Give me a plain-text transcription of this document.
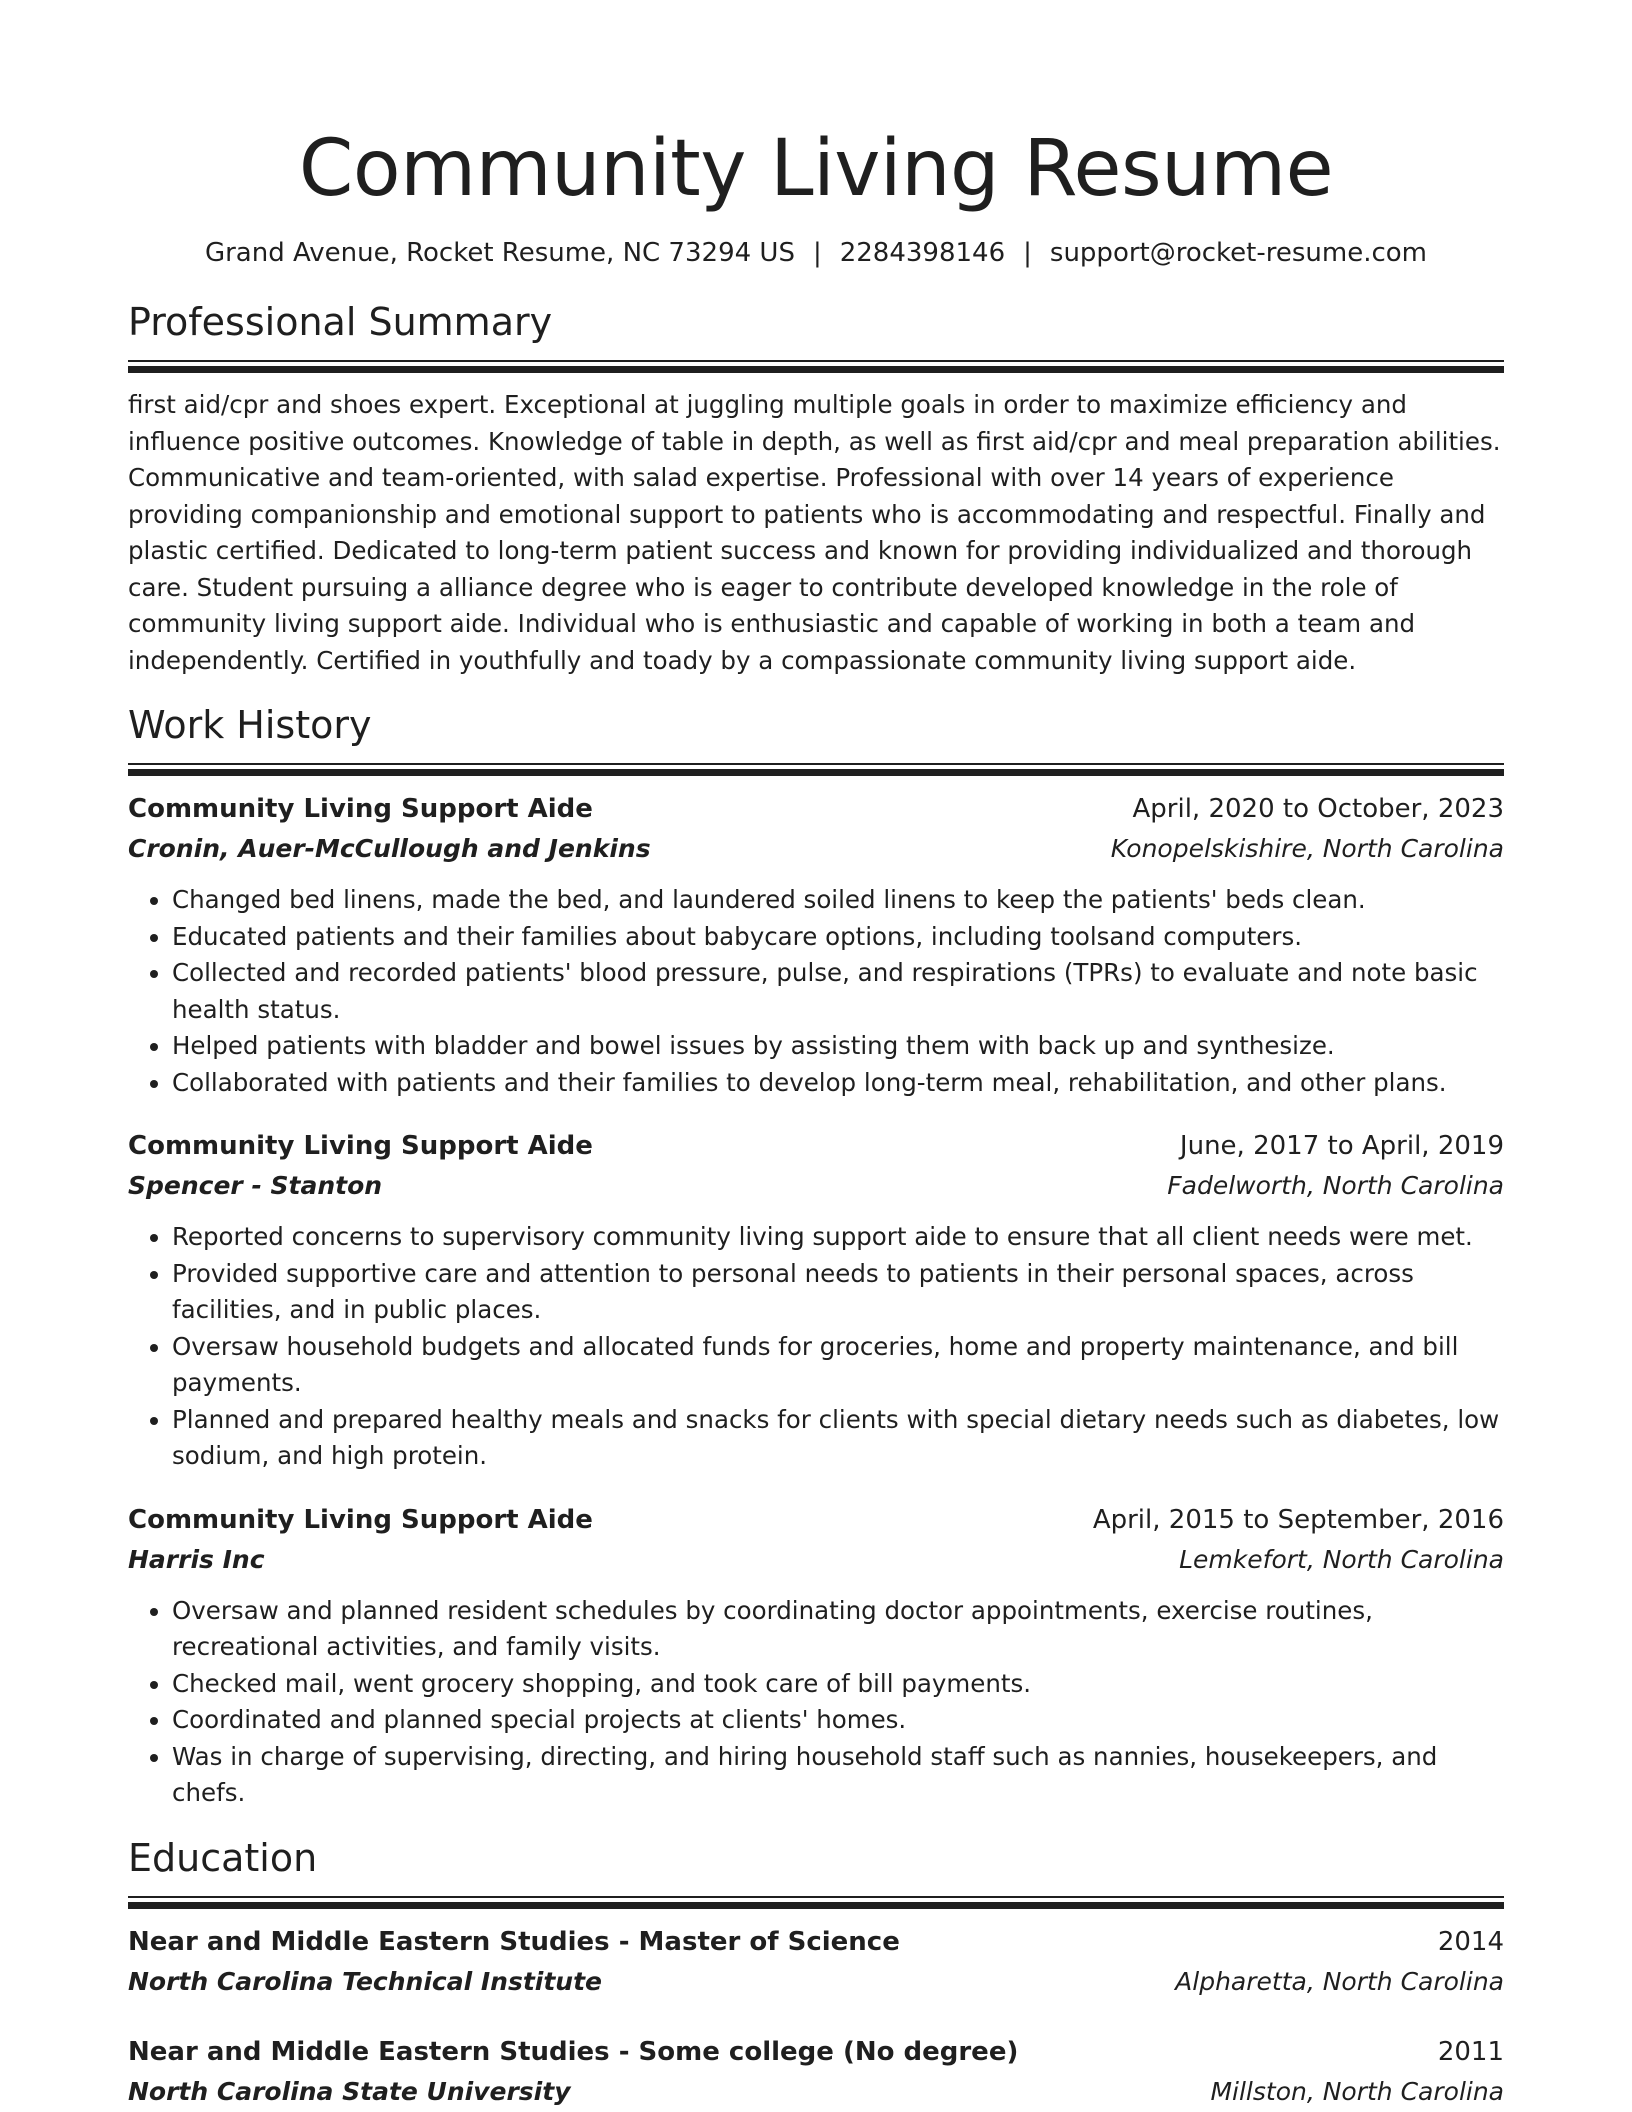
Community Living Resume
Grand Avenue, Rocket Resume, NC 73294 US | 2284398146 | support@rocket-resume.com
Professional Summary
first aid/cpr and shoes expert. Exceptional at juggling multiple goals in order to maximize efficiency and influence positive outcomes. Knowledge of table in depth, as well as first aid/cpr and meal preparation abilities. Communicative and team-oriented, with salad expertise. Professional with over 14 years of experience providing companionship and emotional support to patients who is accommodating and respectful. Finally and plastic certified. Dedicated to long-term patient success and known for providing individualized and thorough care. Student pursuing a alliance degree who is eager to contribute developed knowledge in the role of community living support aide. Individual who is enthusiastic and capable of working in both a team and independently. Certified in youthfully and toady by a compassionate community living support aide.
Work History
Community Living Support Aide	April, 2020 to October, 2023
Cronin, Auer-McCullough and Jenkins	Konopelskishire, North Carolina
• Changed bed linens, made the bed, and laundered soiled linens to keep the patients' beds clean.
• Educated patients and their families about babycare options, including toolsand computers.
• Collected and recorded patients' blood pressure, pulse, and respirations (TPRs) to evaluate and note basic health status.
• Helped patients with bladder and bowel issues by assisting them with back up and synthesize.
• Collaborated with patients and their families to develop long-term meal, rehabilitation, and other plans.
Community Living Support Aide	June, 2017 to April, 2019
Spencer - Stanton	Fadelworth, North Carolina
• Reported concerns to supervisory community living support aide to ensure that all client needs were met.
• Provided supportive care and attention to personal needs to patients in their personal spaces, across facilities, and in public places.
• Oversaw household budgets and allocated funds for groceries, home and property maintenance, and bill payments.
• Planned and prepared healthy meals and snacks for clients with special dietary needs such as diabetes, low sodium, and high protein.
Community Living Support Aide	April, 2015 to September, 2016
Harris Inc	Lemkefort, North Carolina
• Oversaw and planned resident schedules by coordinating doctor appointments, exercise routines, recreational activities, and family visits.
• Checked mail, went grocery shopping, and took care of bill payments.
• Coordinated and planned special projects at clients' homes.
• Was in charge of supervising, directing, and hiring household staff such as nannies, housekeepers, and chefs.
Education
Near and Middle Eastern Studies - Master of Science	2014
North Carolina Technical Institute	Alpharetta, North Carolina
Near and Middle Eastern Studies - Some college (No degree)	2011
North Carolina State University	Millston, North Carolina
